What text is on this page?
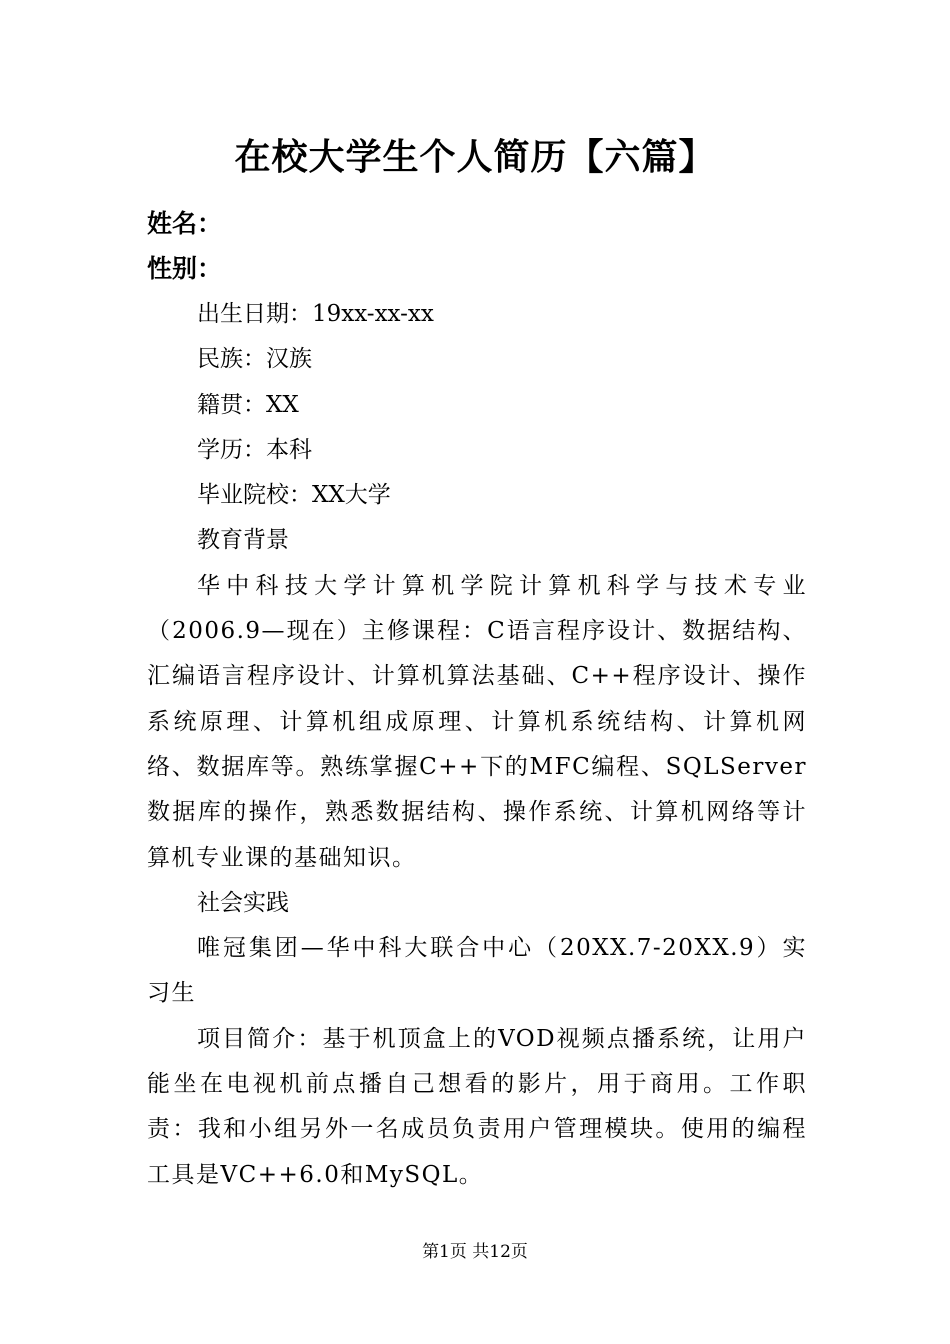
在校大学生个人简历【六篇】
姓名：
性别：

出生日期：19xx-xx-xx

民族：汉族

籍贯：XX

学历：本科

毕业院校：XX大学

教育背景

华中科技大学计算机学院计算机科学与技术专业（2006.9—现在）主修课程：C语言程序设计、数据结构、汇编语言程序设计、计算机算法基础、C++程序设计、操作系统原理、计算机组成原理、计算机系统结构、计算机网络、数据库等。熟练掌握C++下的MFC编程、SQLServer数据库的操作，熟悉数据结构、操作系统、计算机网络等计算机专业课的基础知识。

社会实践

唯冠集团—华中科大联合中心（20XX.7-20XX.9）实习生

项目简介：基于机顶盒上的VOD视频点播系统，让用户能坐在电视机前点播自己想看的影片，用于商用。工作职责：我和小组另外一名成员负责用户管理模块。使用的编程工具是VC++6.0和MySQL。

第1页 共12页
